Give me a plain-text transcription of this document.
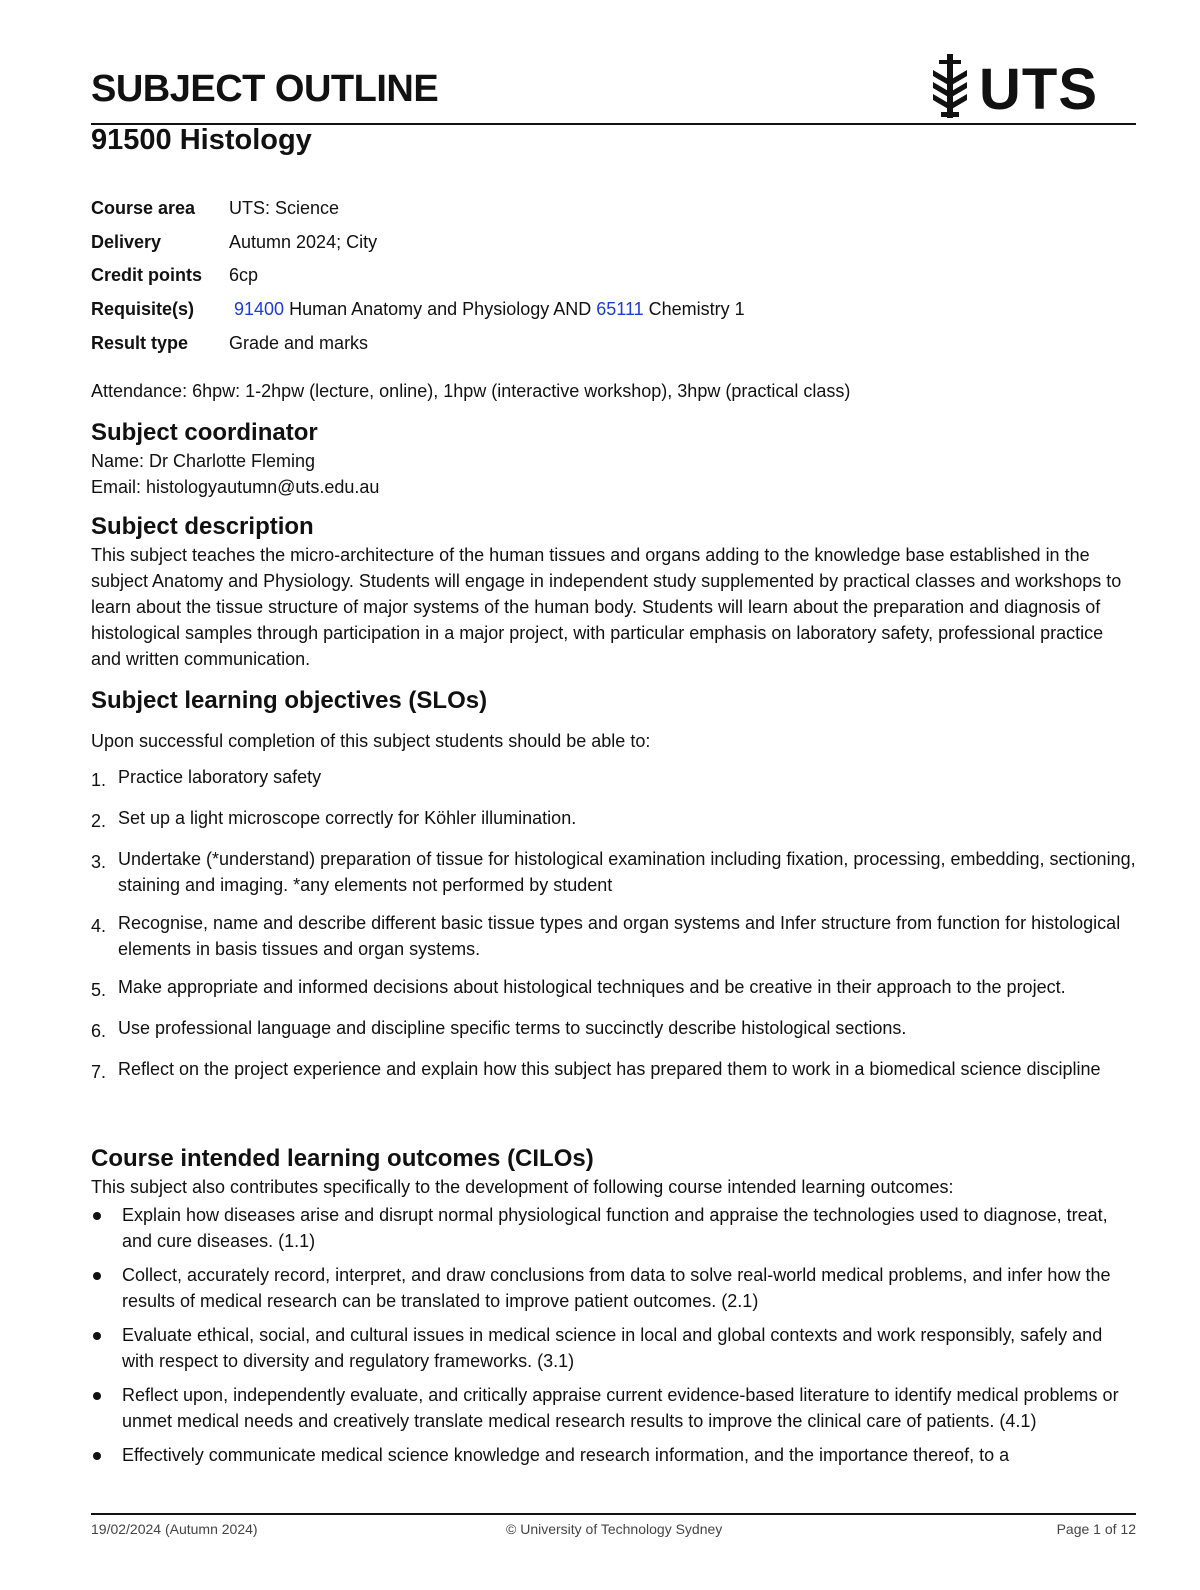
SUBJECT OUTLINE	UTS
91500 Histology
Course area	UTS: Science
Delivery	Autumn 2024; City
Credit points	6cp
Requisite(s)	91400 Human Anatomy and Physiology AND 65111 Chemistry 1
Result type	Grade and marks
Attendance: 6hpw: 1-2hpw (lecture, online), 1hpw (interactive workshop), 3hpw (practical class)
Subject coordinator
Name: Dr Charlotte Fleming
Email: histologyautumn@uts.edu.au
Subject description
This subject teaches the micro-architecture of the human tissues and organs adding to the knowledge base established in the subject Anatomy and Physiology. Students will engage in independent study supplemented by practical classes and workshops to learn about the tissue structure of major systems of the human body. Students will learn about the preparation and diagnosis of histological samples through participation in a major project, with particular emphasis on laboratory safety, professional practice and written communication.
Subject learning objectives (SLOs)
Upon successful completion of this subject students should be able to:
1. Practice laboratory safety
2. Set up a light microscope correctly for Köhler illumination.
3. Undertake (*understand) preparation of tissue for histological examination including fixation, processing, embedding, sectioning, staining and imaging. *any elements not performed by student
4. Recognise, name and describe different basic tissue types and organ systems and Infer structure from function for histological elements in basis tissues and organ systems.
5. Make appropriate and informed decisions about histological techniques and be creative in their approach to the project.
6. Use professional language and discipline specific terms to succinctly describe histological sections.
7. Reflect on the project experience and explain how this subject has prepared them to work in a biomedical science discipline
Course intended learning outcomes (CILOs)
This subject also contributes specifically to the development of following course intended learning outcomes:
Explain how diseases arise and disrupt normal physiological function and appraise the technologies used to diagnose, treat, and cure diseases. (1.1)
Collect, accurately record, interpret, and draw conclusions from data to solve real-world medical problems, and infer how the results of medical research can be translated to improve patient outcomes. (2.1)
Evaluate ethical, social, and cultural issues in medical science in local and global contexts and work responsibly, safely and with respect to diversity and regulatory frameworks. (3.1)
Reflect upon, independently evaluate, and critically appraise current evidence-based literature to identify medical problems or unmet medical needs and creatively translate medical research results to improve the clinical care of patients. (4.1)
Effectively communicate medical science knowledge and research information, and the importance thereof, to a
19/02/2024 (Autumn 2024)	© University of Technology Sydney	Page 1 of 12
